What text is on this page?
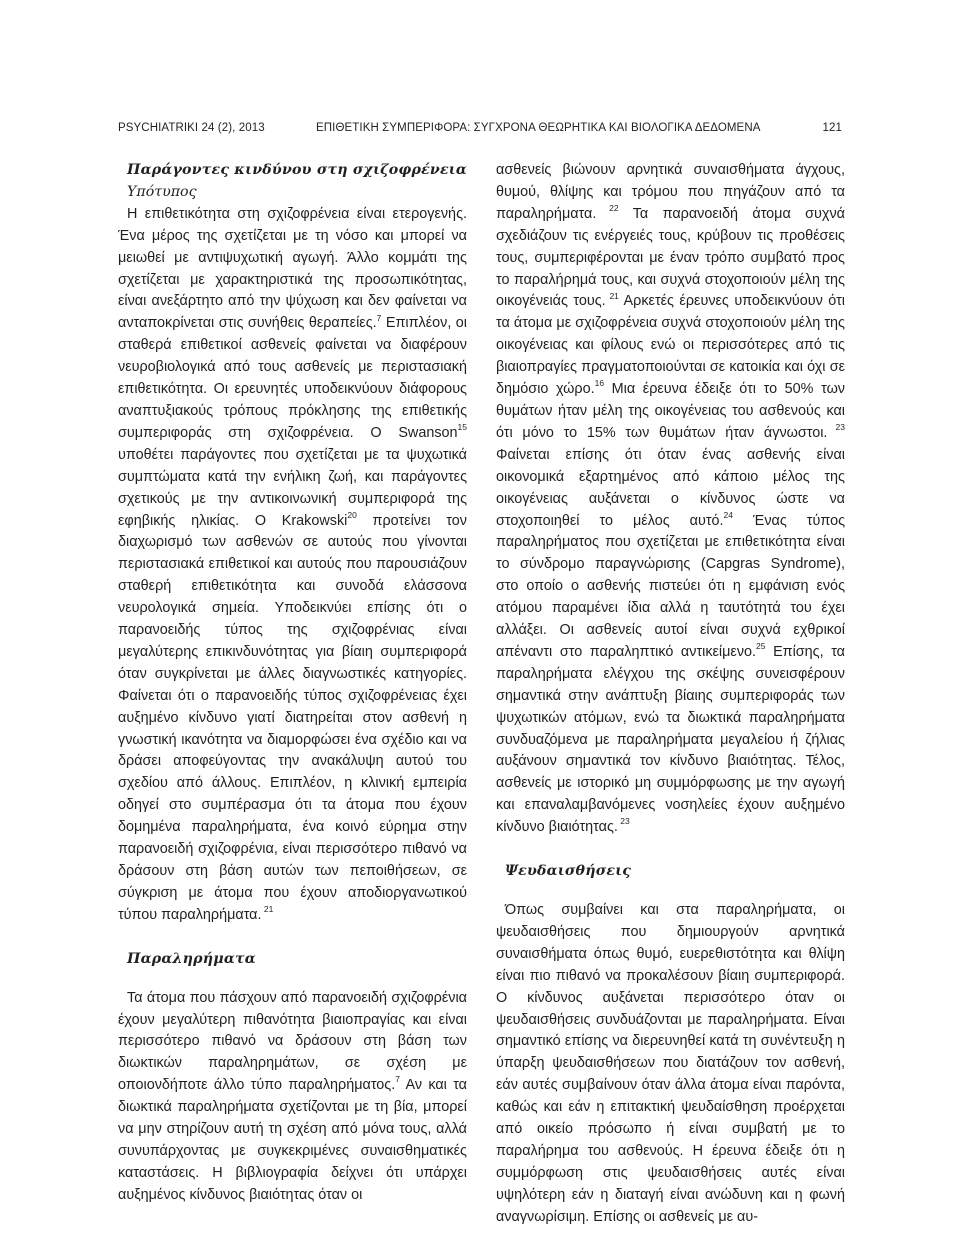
PSYCHIATRIKI 24 (2), 2013	ΕΠΙΘΕΤΙΚΗ ΣΥΜΠΕΡΙΦΟΡΑ: ΣΥΓΧΡΟΝΑ ΘΕΩΡΗΤΙΚΑ ΚΑΙ ΒΙΟΛΟΓΙΚΑ ΔΕΔΟΜΕΝΑ	121

Παράγοντες κινδύνου στη σχιζοφρένεια

Υπότυπος

Η επιθετικότητα στη σχιζοφρένεια είναι ετερογενής. Ένα μέρος της σχετίζεται με τη νόσο και μπορεί να μειωθεί με αντιψυχωτική αγωγή. Άλλο κομμάτι της σχετίζεται με χαρακτηριστικά της προσωπικότητας, είναι ανεξάρτητο από την ψύχωση και δεν φαίνεται να ανταποκρίνεται στις συνήθεις θεραπείες.$^7$ Επιπλέον, οι σταθερά επιθετικοί ασθενείς φαίνεται να διαφέρουν νευροβιολογικά από τους ασθενείς με περιστασιακή επιθετικότητα. Οι ερευνητές υποδεικνύουν διάφορους αναπτυξιακούς τρόπους πρόκλησης της επιθετικής συμπεριφοράς στη σχιζοφρένεια. Ο Swanson$^{15}$ υποθέτει παράγοντες που σχετίζεται με τα ψυχωτικά συμπτώματα κατά την ενήλικη ζωή, και παράγοντες σχετικούς με την αντικοινωνική συμπεριφορά της εφηβικής ηλικίας. Ο Krakowski$^{20}$ προτείνει τον διαχωρισμό των ασθενών σε αυτούς που γίνονται περιστασιακά επιθετικοί και αυτούς που παρουσιάζουν σταθερή επιθετικότητα και συνοδά ελάσσονα νευρολογικά σημεία. Υποδεικνύει επίσης ότι ο παρανοειδής τύπος της σχιζοφρένιας είναι μεγαλύτερης επικινδυνότητας για βίαιη συμπεριφορά όταν συγκρίνεται με άλλες διαγνωστικές κατηγορίες. Φαίνεται ότι ο παρανοειδής τύπος σχιζοφρένειας έχει αυξημένο κίνδυνο γιατί διατηρείται στον ασθενή η γνωστική ικανότητα να διαμορφώσει ένα σχέδιο και να δράσει αποφεύγοντας την ανακάλυψη αυτού του σχεδίου από άλλους. Επιπλέον, η κλινική εμπειρία οδηγεί στο συμπέρασμα ότι τα άτομα που έχουν δομημένα παραληρήματα, ένα κοινό εύρημα στην παρανοειδή σχιζοφρένια, είναι περισσότερο πιθανό να δράσουν στη βάση αυτών των πεποιθήσεων, σε σύγκριση με άτομα που έχουν αποδιοργανωτικού τύπου παραληρήματα. $^{21}$

Παραληρήματα

Τα άτομα που πάσχουν από παρανοειδή σχιζοφρένια έχουν μεγαλύτερη πιθανότητα βιαιοπραγίας και είναι περισσότερο πιθανό να δράσουν στη βάση των διωκτικών παραληρημάτων, σε σχέση με οποιονδήποτε άλλο τύπο παραληρήματος.$^7$ Αν και τα διωκτικά παραληρήματα σχετίζονται με τη βία, μπορεί να μην στηρίζουν αυτή τη σχέση από μόνα τους, αλλά συνυπάρχοντας με συγκεκριμένες συναισθηματικές καταστάσεις. Η βιβλιογραφία δείχνει ότι υπάρχει αυξημένος κίνδυνος βιαιότητας όταν οι

ασθενείς βιώνουν αρνητικά συναισθήματα άγχους, θυμού, θλίψης και τρόμου που πηγάζουν από τα παραληρήματα. $^{22}$ Τα παρανοειδή άτομα συχνά σχεδιάζουν τις ενέργειές τους, κρύβουν τις προθέσεις τους, συμπεριφέρονται με έναν τρόπο συμβατό προς το παραλήρημά τους, και συχνά στοχοποιούν μέλη της οικογένειάς τους. $^{21}$ Αρκετές έρευνες υποδεικνύουν ότι τα άτομα με σχιζοφρένεια συχνά στοχοποιούν μέλη της οικογένειας και φίλους ενώ οι περισσότερες από τις βιαιοπραγίες πραγματοποιούνται σε κατοικία και όχι σε δημόσιο χώρο.$^{16}$ Μια έρευνα έδειξε ότι το 50% των θυμάτων ήταν μέλη της οικογένειας του ασθενούς και ότι μόνο το 15% των θυμάτων ήταν άγνωστοι. $^{23}$ Φαίνεται επίσης ότι όταν ένας ασθενής είναι οικονομικά εξαρτημένος από κάποιο μέλος της οικογένειας αυξάνεται ο κίνδυνος ώστε να στοχοποιηθεί το μέλος αυτό.$^{24}$ Ένας τύπος παραληρήματος που σχετίζεται με επιθετικότητα είναι το σύνδρομο παραγνώρισης (Capgras Syndrome), στο οποίο ο ασθενής πιστεύει ότι η εμφάνιση ενός ατόμου παραμένει ίδια αλλά η ταυτότητά του έχει αλλάξει. Οι ασθενείς αυτοί είναι συχνά εχθρικοί απέναντι στο παραληπτικό αντικείμενο.$^{25}$ Επίσης, τα παραληρήματα ελέγχου της σκέψης συνεισφέρουν σημαντικά στην ανάπτυξη βίαιης συμπεριφοράς των ψυχωτικών ατόμων, ενώ τα διωκτικά παραληρήματα συνδυαζόμενα με παραληρήματα μεγαλείου ή ζήλιας αυξάνουν σημαντικά τον κίνδυνο βιαιότητας. Τέλος, ασθενείς με ιστορικό μη συμμόρφωσης με την αγωγή και επαναλαμβανόμενες νοσηλείες έχουν αυξημένο κίνδυνο βιαιότητας. $^{23}$

Ψευδαισθήσεις

Όπως συμβαίνει και στα παραληρήματα, οι ψευδαισθήσεις που δημιουργούν αρνητικά συναισθήματα όπως θυμό, ευερεθιστότητα και θλίψη είναι πιο πιθανό να προκαλέσουν βίαιη συμπεριφορά. Ο κίνδυνος αυξάνεται περισσότερο όταν οι ψευδαισθήσεις συνδυάζονται με παραληρήματα. Είναι σημαντικό επίσης να διερευνηθεί κατά τη συνέντευξη η ύπαρξη ψευδαισθήσεων που διατάζουν τον ασθενή, εάν αυτές συμβαίνουν όταν άλλα άτομα είναι παρόντα, καθώς και εάν η επιτακτική ψευδαίσθηση προέρχεται από οικείο πρόσωπο ή είναι συμβατή με το παραλήρημα του ασθενούς. Η έρευνα έδειξε ότι η συμμόρφωση στις ψευδαισθήσεις αυτές είναι υψηλότερη εάν η διαταγή είναι ανώδυνη και η φωνή αναγνωρίσιμη. Επίσης οι ασθενείς με αυ-
